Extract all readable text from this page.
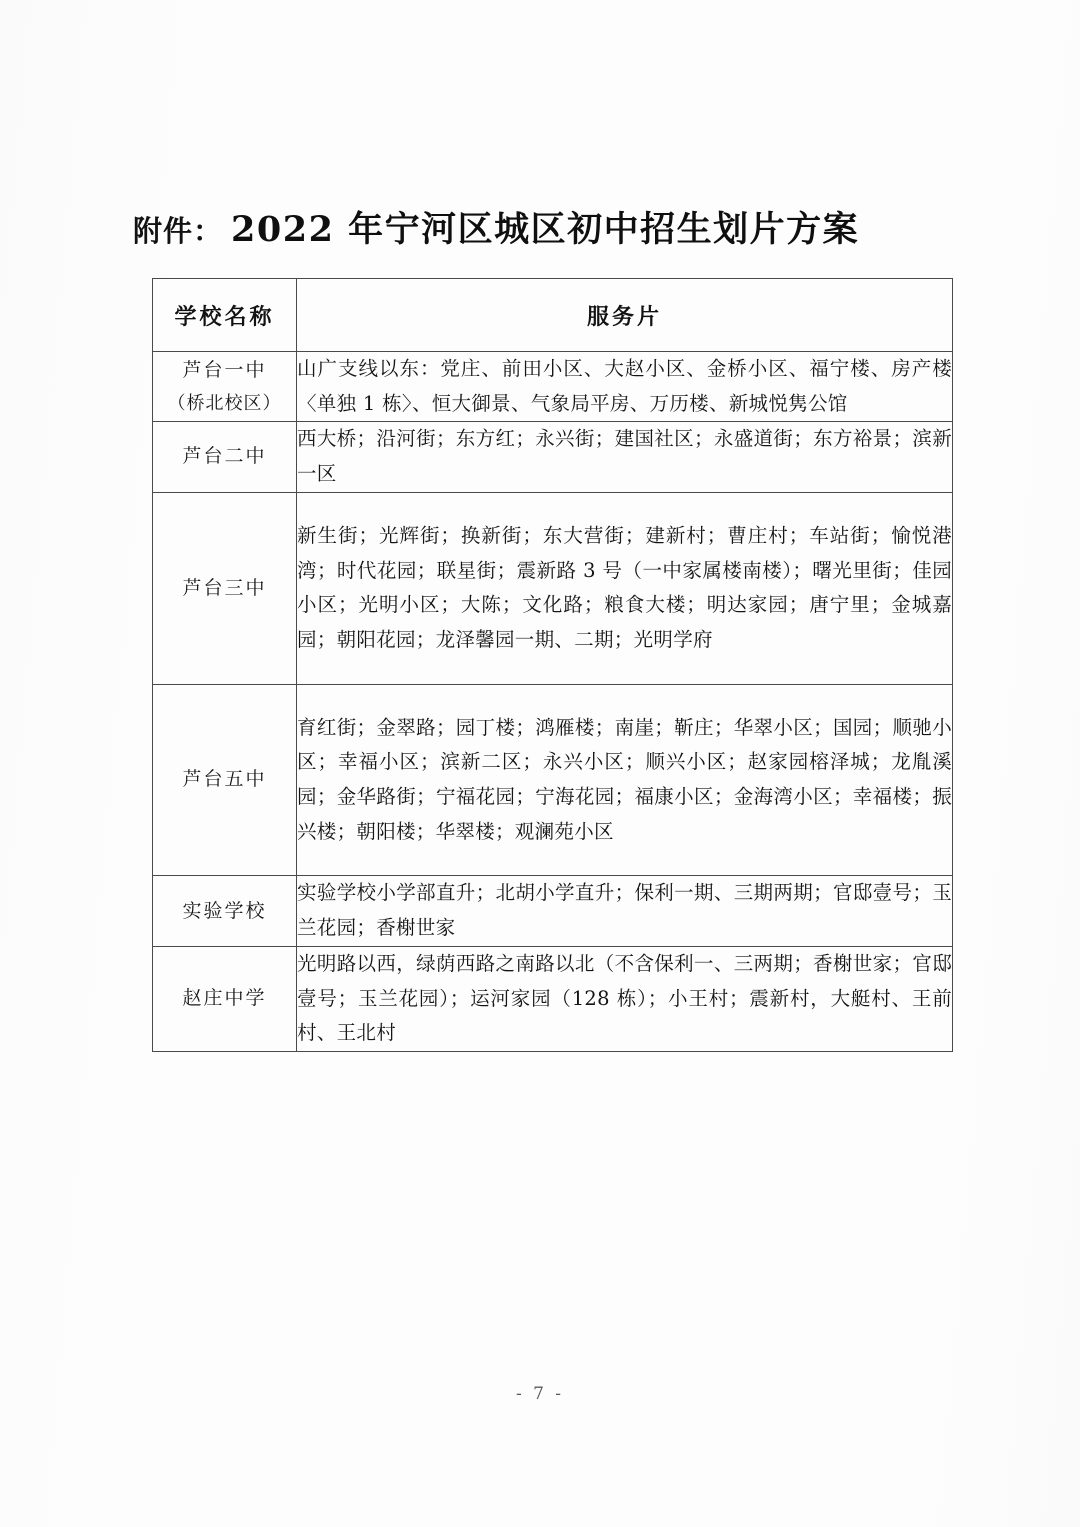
附件： 2022 年宁河区城区初中招生划片方案
学校名称	服务片
芦台一中
（桥北校区）	山广支线以东：党庄、前田小区、大赵小区、金桥小区、福宁楼、房产楼〈单独 1 栋〉、恒大御景、气象局平房、万历楼、新城悦隽公馆

芦台二中	西大桥；沿河街；东方红；永兴街；建国社区；永盛道街；东方裕景；滨新一区

芦台三中	新生街；光辉街；换新街；东大营街；建新村；曹庄村；车站街；愉悦港湾；时代花园；联星街；震新路 3 号（一中家属楼南楼）；曙光里街；佳园小区；光明小区；大陈；文化路；粮食大楼；明达家园；唐宁里；金城嘉园；朝阳花园；龙泽馨园一期、二期；光明学府

芦台五中	育红街；金翠路；园丁楼；鸿雁楼；南崖；靳庄；华翠小区；国园；顺驰小区；幸福小区；滨新二区；永兴小区；顺兴小区；赵家园榕泽城；龙胤溪园；金华路街；宁福花园；宁海花园；福康小区；金海湾小区；幸福楼；振兴楼；朝阳楼；华翠楼；观澜苑小区

实验学校	实验学校小学部直升；北胡小学直升；保利一期、三期两期；官邸壹号；玉兰花园；香榭世家

赵庄中学	光明路以西，绿荫西路之南路以北（不含保利一、三两期；香榭世家；官邸壹号；玉兰花园）；运河家园（128 栋）；小王村；震新村，大艇村、王前村、王北村

- 7 -
